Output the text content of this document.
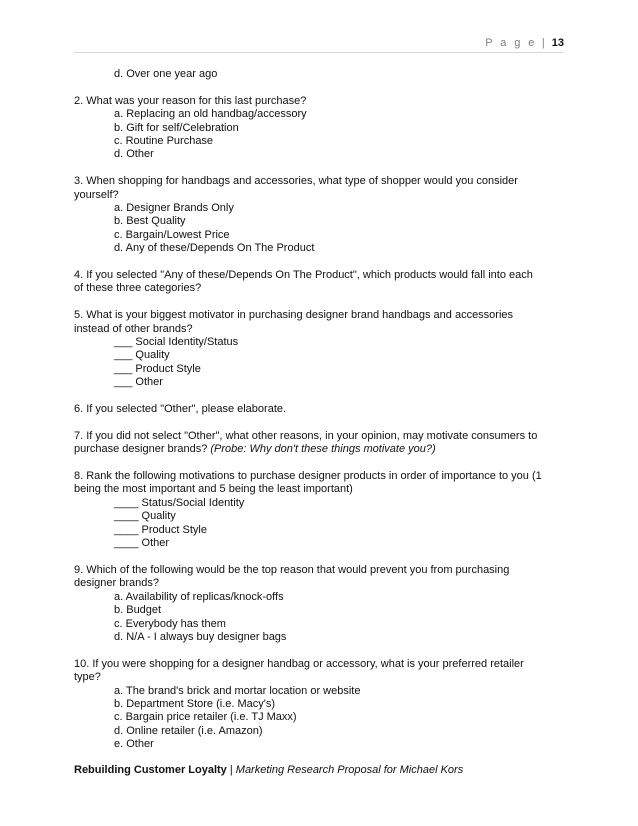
P a g e | 13
d. Over one year ago
2. What was your reason for this last purchase?
a. Replacing an old handbag/accessory
b. Gift for self/Celebration
c. Routine Purchase
d. Other
3. When shopping for handbags and accessories, what type of shopper would you consider
yourself?
a. Designer Brands Only
b. Best Quality
c. Bargain/Lowest Price
d. Any of these/Depends On The Product
4. If you selected "Any of these/Depends On The Product", which products would fall into each
of these three categories?
5. What is your biggest motivator in purchasing designer brand handbags and accessories
instead of other brands?
___ Social Identity/Status
___ Quality
___ Product Style
___ Other
6. If you selected "Other", please elaborate.
7. If you did not select "Other", what other reasons, in your opinion, may motivate consumers to
purchase designer brands? (Probe: Why don't these things motivate you?)
8. Rank the following motivations to purchase designer products in order of importance to you (1
being the most important and 5 being the least important)
____ Status/Social Identity
____ Quality
____ Product Style
____ Other
9. Which of the following would be the top reason that would prevent you from purchasing
designer brands?
a. Availability of replicas/knock-offs
b. Budget
c. Everybody has them
d. N/A - I always buy designer bags
10. If you were shopping for a designer handbag or accessory, what is your preferred retailer
type?
a. The brand's brick and mortar location or website
b. Department Store (i.e. Macy's)
c. Bargain price retailer (i.e. TJ Maxx)
d. Online retailer (i.e. Amazon)
e. Other
Rebuilding Customer Loyalty | Marketing Research Proposal for Michael Kors
